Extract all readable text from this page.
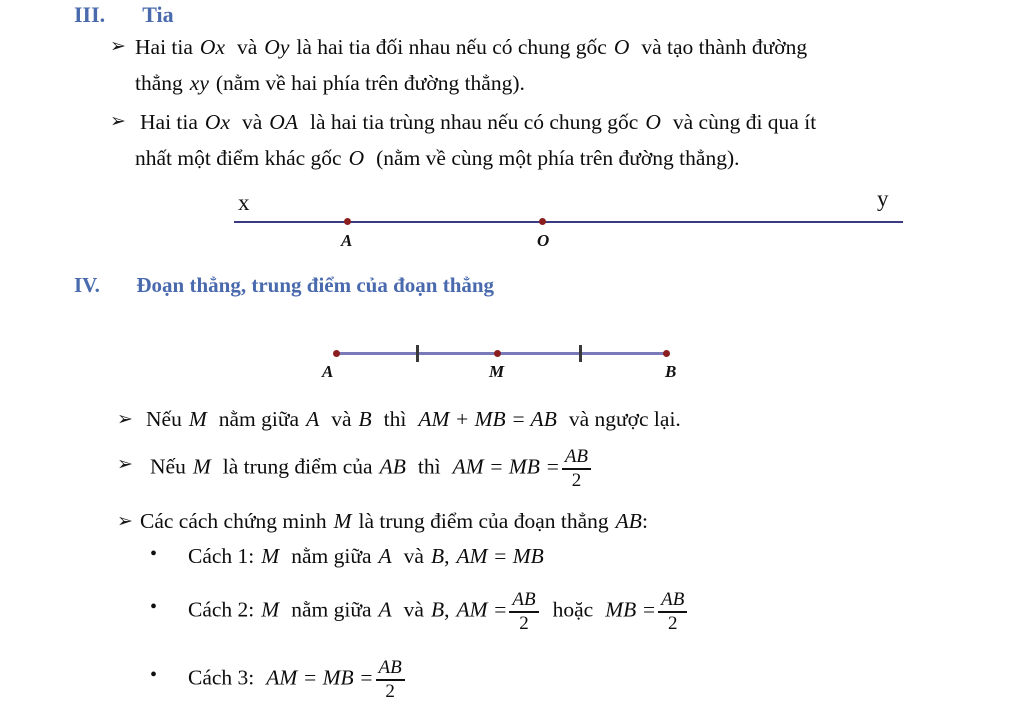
III. Tia
➢ Hai tia Ox và Oy là hai tia đối nhau nếu có chung gốc O và tạo thành đường
thẳng xy (nằm về hai phía trên đường thẳng).
➢ Hai tia Ox và OA là hai tia trùng nhau nếu có chung gốc O và cùng đi qua ít
nhất một điểm khác gốc O (nằm về cùng một phía trên đường thẳng).
A	O
x	y
IV. Đoạn thẳng, trung điểm của đoạn thẳng
A	M	B
➢ Nếu M nằm giữa A và B thì AM + MB = AB và ngược lại.
➢ Nếu M là trung điểm của AB thì AM = MB = $\frac{AB}{2}$
➢ Các cách chứng minh M là trung điểm của đoạn thẳng AB:
• Cách 1: M nằm giữa A và B, AM = MB
• Cách 2: M nằm giữa A và B, AM = $\frac{AB}{2}$ hoặc MB = $\frac{AB}{2}$
• Cách 3: AM = MB = $\frac{AB}{2}$
